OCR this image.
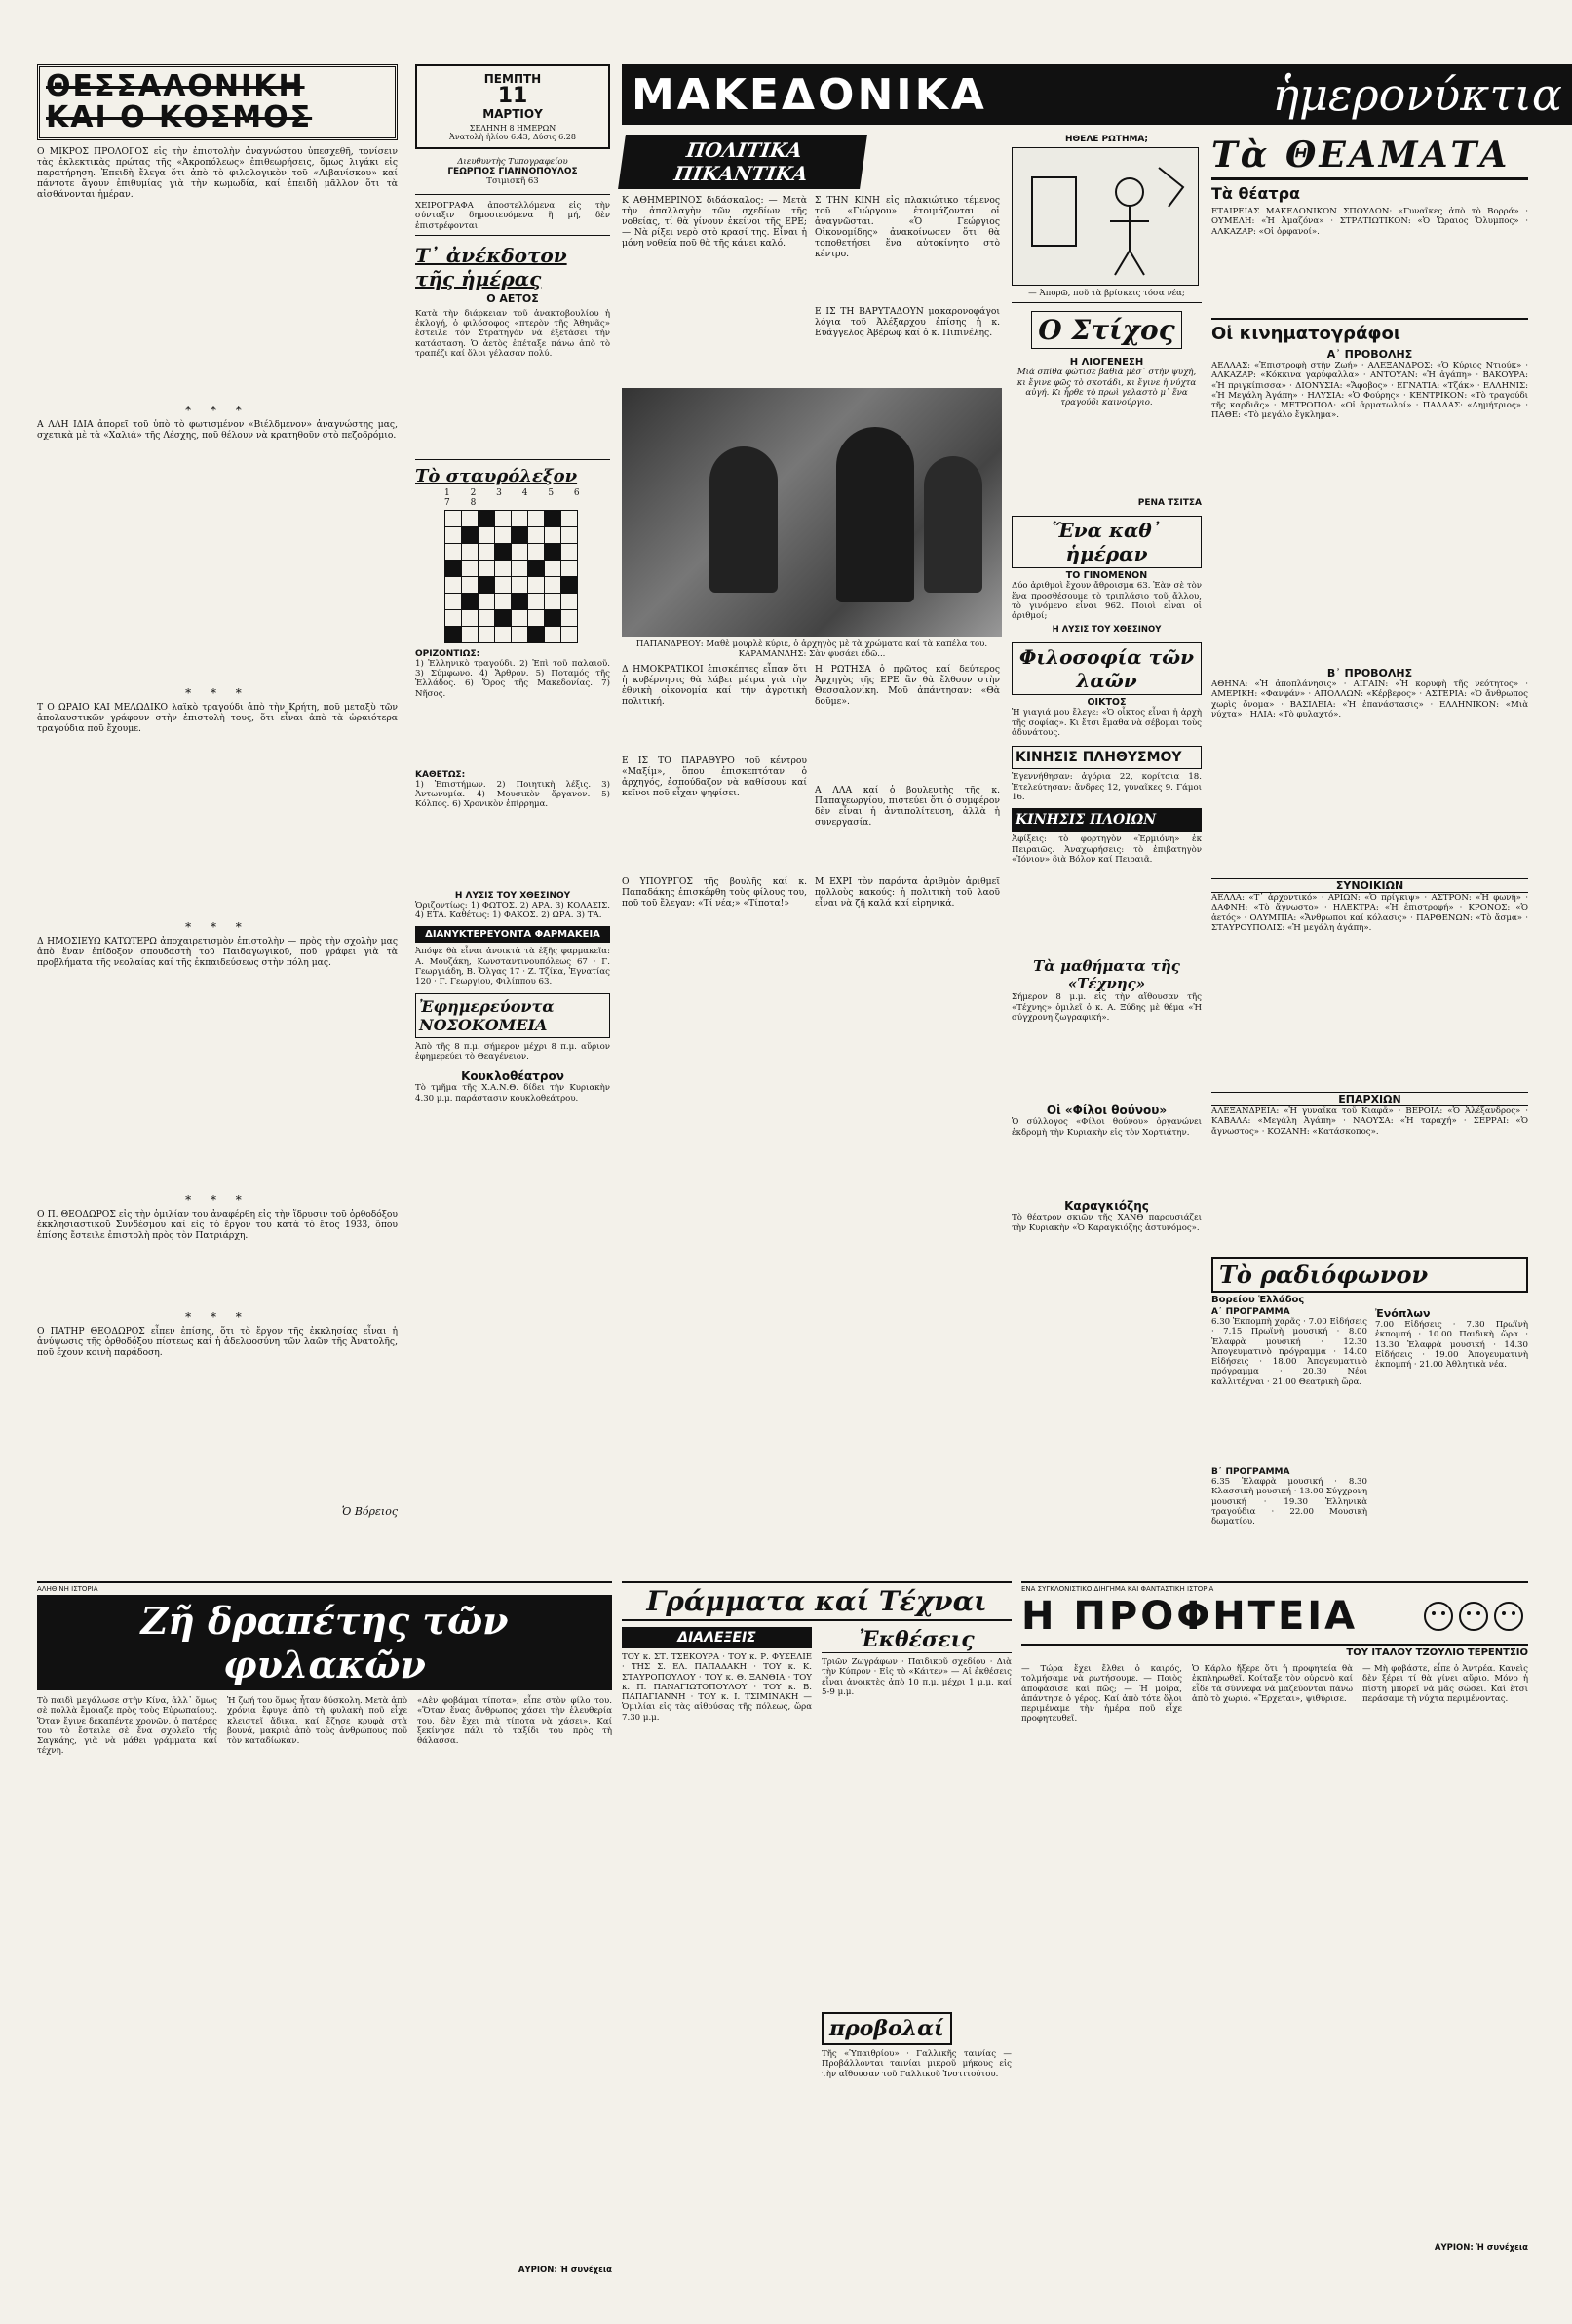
ΘΕΣΣΑΛΟΝΙΚΗ
ΚΑΙ Ο ΚΟΣΜΟΣ

Ο ΜΙΚΡΟΣ ΠΡΟΛΟΓΟΣ εἰς τὴν ἐπιστολὴν ἀναγνώστου ὑπεσχεθῆ, τονίσειν τὰς ἐκλεκτικὰς πρώτας τῆς «Ἀκροπόλεως» ἐπιθεωρήσεις, ὅμως λιγάκι εἰς παρατήρηση. Ἐπειδὴ ἔλεγα ὅτι ἀπὸ τὸ φιλολογικὸν τοῦ «Λιβανίσκου» καί πάντοτε ἄγουν ἐπιθυμίας γιὰ τὴν κωμωδία, καί ἐπειδὴ μᾶλλον ὅτι τὰ αἰσθάνονται ἡμέραν.

* * *

Α ΛΛΗ ΙΔΙΑ ἀπορεῖ τοῦ ὑπὸ τὸ φωτισμένον «Βιέλδμενον» ἀναγνώστης μας, σχετικὰ μὲ τὰ «Χαλιά» τῆς Λέσχης, ποῦ θέλουν νὰ κρατηθοῦν στὸ πεζοδρόμιο.

* * *

Τ Ο ΩΡΑΙΟ ΚΑΙ ΜΕΛΩΔΙΚΟ λαϊκὸ τραγούδι ἀπὸ τὴν Κρήτη, ποῦ μεταξὺ τῶν ἀπολαυστικῶν γράφουν στὴν ἐπιστολὴ τους, ὅτι εἶναι ἀπὸ τὰ ὡραιότερα τραγούδια ποῦ ἔχουμε.

* * *

Δ ΗΜΟΣΙΕΥΩ ΚΑΤΩΤΕΡΩ ἀποχαιρετισμὸν ἐπιστολὴν — πρὸς τὴν σχολὴν μας ἀπὸ ἕναν ἐπίδοξον σπουδαστὴ τοῦ Παιδαγωγικοῦ, ποῦ γράφει γιὰ τὰ προβλήματα τῆς νεολαίας καί τῆς ἐκπαιδεύσεως στὴν πόλη μας.

* * *

Ο Π. ΘΕΟΔΩΡΟΣ εἰς τὴν ὁμιλίαν του ἀναφέρθη εἰς τὴν ἵδρυσιν τοῦ ὀρθοδόξου ἐκκλησιαστικοῦ Συνδέσμου καί εἰς τὸ ἔργον του κατὰ τὸ ἔτος 1933, ὅπου ἐπίσης ἔστειλε ἐπιστολὴ πρὸς τὸν Πατριάρχη.

* * *

Ο ΠΑΤΗΡ ΘΕΟΔΩΡΟΣ εἶπεν ἐπίσης, ὅτι τὸ ἔργον τῆς ἐκκλησίας εἶναι ἡ ἀνύψωσις τῆς ὀρθοδόξου πίστεως καί ἡ ἀδελφοσύνη τῶν λαῶν τῆς Ἀνατολῆς, ποῦ ἔχουν κοινὴ παράδοση.

Ὁ Βόρειος
ΠΕΜΠΤΗ
11
ΜΑΡΤΙΟΥ
ΣΕΛΗΝΗ 8 ΗΜΕΡΩΝ
Ἀνατολὴ ἡλίου 6.43, Δύσις 6.28
Διευθυντὴς Τυπογραφείου
ΓΕΩΡΓΙΟΣ ΓΙΑΝΝΟΠΟΥΛΟΣ
Τσιμισκῆ 63

ΧΕΙΡΟΓΡΑΦΑ ἀποστελλόμενα εἰς τὴν σύνταξιν δημοσιευόμενα ἢ μή, δὲν ἐπιστρέφονται.

Τ᾽ ἀνέκδοτον τῆς ἡμέρας
Ο ΑΕΤΟΣ

Κατὰ τὴν διάρκειαν τοῦ ἀνακτοβουλίου ἡ ἐκλογή, ὁ φιλόσοφος «πτερὸν τῆς Ἀθηνᾶς» ἔστειλε τὸν Στρατηγὸν νὰ ἐξετάσει τὴν κατάσταση. Ὁ ἀετὸς ἐπέταξε πάνω ἀπὸ τὸ τραπέζι καί ὅλοι γέλασαν πολύ.

Τὸ σταυρόλεξον
1 2 3 4 5 6 7 8

ΟΡΙΖΟΝΤΙΩΣ:

1) Ἑλληνικὸ τραγούδι. 2) Ἐπὶ τοῦ παλαιοῦ. 3) Σύμφωνο. 4) Ἄρθρον. 5) Ποταμός τῆς Ἑλλάδος. 6) Ὄρος τῆς Μακεδονίας. 7) Νῆσος.

ΚΑΘΕΤΩΣ:

1) Ἐπιστήμων. 2) Ποιητικὴ λέξις. 3) Ἀντωνυμία. 4) Μουσικὸν ὄργανον. 5) Κόλπος. 6) Χρονικὸν ἐπίρρημα.

Η ΛΥΣΙΣ ΤΟΥ ΧΘΕΣΙΝΟΥ

Ὁριζοντίως: 1) ΦΩΤΟΣ. 2) ΑΡΑ. 3) ΚΟΛΑΣΙΣ. 4) ΕΤΑ. Καθέτως: 1) ΦΑΚΟΣ. 2) ΩΡΑ. 3) ΤΑ.

ΔΙΑΝΥΚΤΕΡΕΥΟΝΤΑ ΦΑΡΜΑΚΕΙΑ

Ἀπόψε θὰ εἶναι ἀνοικτὰ τὰ ἑξῆς φαρμακεῖα: Α. Μουζάκη, Κωνσταντινουπόλεως 67 · Γ. Γεωργιάδη, Β. Ὄλγας 17 · Ζ. Τζίκα, Ἐγνατίας 120 · Γ. Γεωργίου, Φιλίππου 63.

Ἐφημερεύοντα ΝΟΣΟΚΟΜΕΙΑ

Ἀπὸ τῆς 8 π.μ. σήμερον μέχρι 8 π.μ. αὔριον ἐφημερεύει τὸ Θεαγένειον.

Κουκλοθέατρον

Τὸ τμῆμα τῆς Χ.Α.Ν.Θ. δίδει τὴν Κυριακὴν 4.30 μ.μ. παράστασιν κουκλοθεάτρου.

ΜΑΚΕΔΟΝΙΚΑ	ἡμερονύκτια
ΠΟΛΙΤΙΚΑ ΠΙΚΑΝΤΙΚΑ

Κ ΑΘΗΜΕΡΙΝΟΣ διδάσκαλος: — Μετὰ τὴν ἀπαλλαγὴν τῶν σχεδίων τῆς νοθείας, τί θὰ γίνουν ἐκείνοι τῆς ΕΡΕ; — Νὰ ρίξει νερὸ στὸ κρασί της. Εἶναι ἡ μόνη νοθεία ποῦ θὰ τῆς κάνει καλό.

Σ ΤΗΝ ΚΙΝΗ εἰς πλακιώτικο τέμενος τοῦ «Γιώργου» ἐτοιμάζονται οἱ ἀναγνῶσται. «Ὁ Γεώργιος Οἰκονομίδης» ἀνακοίνωσεν ὅτι θὰ τοποθετήσει ἕνα αὐτοκίνητο στὸ κέντρο.

Ε ΙΣ ΤΗ ΒΑΡΥΤΑΔΟΥΝ μακαρονοφάγοι λόγια τοῦ Ἀλέξαρχου ἐπίσης ἡ κ. Εὐάγγελος Ἀβέρωφ καί ὁ κ. Πιπινέλης.

ΠΑΠΑΝΔΡΕΟΥ: Μαθὲ μουρλὲ κύριε, ὁ ἀρχηγὸς μὲ τὰ χρώματα καί τὰ καπέλα του. ΚΑΡΑΜΑΝΛΗΣ: Σὰν φυσάει ἐδῶ...

Δ ΗΜΟΚΡΑΤΙΚΟΙ ἐπισκέπτες εἶπαν ὅτι ἡ κυβέρνησις θὰ λάβει μέτρα γιὰ τὴν ἐθνικὴ οἰκονομία καί τὴν ἀγροτικὴ πολιτική.

Ε ΙΣ ΤΟ ΠΑΡΑΘΥΡΟ τοῦ κέντρου «Μαξίμ», ὅπου ἐπισκεπτόταν ὁ ἀρχηγός, ἐσπούδαζον νὰ καθίσουν καί κεῖνοι ποῦ εἶχαν ψηφίσει.

Ο ΥΠΟΥΡΓΟΣ τῆς βουλῆς καί κ. Παπαδάκης ἐπισκέφθη τοὺς φίλους του, ποῦ τοῦ ἔλεγαν: «Τί νέα;» «Τίποτα!»

Η ΡΩΤΗΣΑ ὁ πρῶτος καί δεύτερος Ἀρχηγὸς τῆς ΕΡΕ ἂν θὰ ἔλθουν στὴν Θεσσαλονίκη. Μοῦ ἀπάντησαν: «Θὰ δοῦμε».

Α ΛΛΑ καί ὁ βουλευτὴς τῆς κ. Παπαγεωργίου, πιστεύει ὅτι ὁ συμφέρον δὲν εἶναι ἡ ἀντιπολίτευση, ἀλλὰ ἡ συνεργασία.

Μ ΕΧΡΙ τὸν παρόντα ἀριθμὸν ἀριθμεῖ πολλοὺς κακούς: ἡ πολιτικὴ τοῦ λαοῦ εἶναι νὰ ζῆ καλά καί εἰρηνικά.

ΗΘΕΛΕ ΡΩΤΗΜΑ;

— Ἀπορῶ, ποῦ τὰ βρίσκεις τόσα νέα;

Ο Στίχος
Η ΛΙΟΓΕΝΕΣΗ

Μιὰ σπίθα φώτισε βαθιὰ μέσ᾽ στὴν ψυχή, κι ἔγινε φῶς τὸ σκοτάδι, κι ἔγινε ἡ νύχτα αὐγή. Κι ἦρθε τὸ πρωὶ γελαστὸ μ᾽ ἕνα τραγούδι καινούργιο.

ΡΕΝΑ ΤΣΙΤΣΑ
Ἕνα καθ᾽ ἡμέραν
ΤΟ ΓΙΝΟΜΕΝΟΝ

Δύο ἀριθμοὶ ἔχουν ἄθροισμα 63. Ἐὰν σὲ τὸν ἕνα προσθέσουμε τὸ τριπλάσιο τοῦ ἄλλου, τὸ γινόμενο εἶναι 962. Ποιοὶ εἶναι οἱ ἀριθμοί;

Η ΛΥΣΙΣ ΤΟΥ ΧΘΕΣΙΝΟΥ
Φιλοσοφία τῶν λαῶν
ΟΙΚΤΟΣ

Ἡ γιαγιά μου ἔλεγε: «Ὁ οἶκτος εἶναι ἡ ἀρχὴ τῆς σοφίας». Κι ἔτσι ἔμαθα νὰ σέβομαι τοὺς ἀδυνάτους.

ΚΙΝΗΣΙΣ ΠΛΗΘΥΣΜΟΥ

Ἐγεννήθησαν: ἀγόρια 22, κορίτσια 18. Ἐτελεύτησαν: ἄνδρες 12, γυναῖκες 9. Γάμοι 16.

ΚΙΝΗΣΙΣ ΠΛΟΙΩΝ

Ἀφίξεις: τὸ φορτηγὸν «Ἑρμιόνη» ἐκ Πειραιῶς. Ἀναχωρήσεις: τὸ ἐπιβατηγὸν «Ἰόνιον» διὰ Βόλον καί Πειραιᾶ.

Τὰ μαθήματα τῆς «Τέχνης»

Σήμερον 8 μ.μ. εἰς τὴν αἴθουσαν τῆς «Τέχνης» ὁμιλεῖ ὁ κ. Α. Ξύδης μὲ θέμα «Ἡ σύγχρονη ζωγραφική».

Οἱ «Φίλοι θούνου»

Ὁ σύλλογος «Φίλοι θούνου» ὀργανώνει ἐκδρομὴ τὴν Κυριακὴν εἰς τὸν Χορτιάτην.

Καραγκιόζης

Τὸ θέατρον σκιῶν τῆς ΧΑΝΘ παρουσιάζει τὴν Κυριακὴν «Ὁ Καραγκιόζης ἀστυνόμος».

Τὰ ΘΕΑΜΑΤΑ
Τὰ θέατρα

ΕΤΑΙΡΕΙΑΣ ΜΑΚΕΔΟΝΙΚΩΝ ΣΠΟΥΔΩΝ: «Γυναῖκες ἀπὸ τὸ Βορρά» · ΟΥΜΕΛΗ: «Ἡ Ἀμαζόνα» · ΣΤΡΑΤΙΩΤΙΚΟΝ: «Ὁ Ὥραιος Ὄλυμπος» · ΑΛΚΑΖΑΡ: «Οἱ ὀρφανοί».

Οἱ κινηματογράφοι
Α᾽ ΠΡΟΒΟΛΗΣ

ΑΕΛΛΑΣ: «Ἐπιστροφὴ στὴν Ζωή» · ΑΛΕΞΑΝΔΡΟΣ: «Ὁ Κύριος Ντιούκ» · ΑΛΚΑΖΑΡ: «Κόκκινα γαρύφαλλα» · ΑΝΤΟΥΑΝ: «Ἡ ἀγάπη» · ΒΑΚΟΥΡΑ: «Ἡ πριγκίπισσα» · ΔΙΟΝΥΣΙΑ: «Ἄφοβος» · ΕΓΝΑΤΙΑ: «Τζάκ» · ΕΛΛΗΝΙΣ: «Ἡ Μεγάλη Ἀγάπη» · ΗΛΥΣΙΑ: «Ὁ Φούρης» · ΚΕΝΤΡΙΚΟΝ: «Τὸ τραγούδι τῆς καρδιᾶς» · ΜΕΤΡΟΠΟΛ: «Οἱ ἀρματωλοί» · ΠΑΛΛΑΣ: «Δημήτριος» · ΠΑΘΕ: «Τὸ μεγάλο ἔγκλημα».

Β᾽ ΠΡΟΒΟΛΗΣ

ΑΘΗΝΑ: «Ἡ ἀποπλάνησις» · ΑΙΓΑΙΝ: «Ἡ κορυφὴ τῆς νεότητος» · ΑΜΕΡΙΚΗ: «Φανφάν» · ΑΠΟΛΛΩΝ: «Κέρβερος» · ΑΣΤΕΡΙΑ: «Ὁ ἄνθρωπος χωρὶς ὄνομα» · ΒΑΣΙΛΕΙΑ: «Ἡ ἐπανάστασις» · ΕΛΛΗΝΙΚΟΝ: «Μιὰ νύχτα» · ΗΛΙΑ: «Τὸ φυλαχτό».

ΣΥΝΟΙΚΙΩΝ

ΑΕΛΛΑ: «Τ᾽ ἀρχοντικό» · ΑΡΙΩΝ: «Ὁ πρίγκιψ» · ΑΣΤΡΟΝ: «Ἡ φωνή» · ΔΑΦΝΗ: «Τὸ ἄγνωστο» · ΗΛΕΚΤΡΑ: «Ἡ ἐπιστροφή» · ΚΡΟΝΟΣ: «Ὁ ἀετός» · ΟΛΥΜΠΙΑ: «Ἄνθρωποι καί κόλασις» · ΠΑΡΘΕΝΩΝ: «Τὸ ἄσμα» · ΣΤΑΥΡΟΥΠΟΛΙΣ: «Ἡ μεγάλη ἀγάπη».

ΕΠΑΡΧΙΩΝ

ΑΛΕΞΑΝΔΡΕΙΑ: «Ἡ γυναῖκα τοῦ Κιαφᾶ» · ΒΕΡΟΙΑ: «Ὁ Ἀλέξανδρος» · ΚΑΒΑΛΑ: «Μεγάλη Ἀγάπη» · ΝΑΟΥΣΑ: «Ἡ ταραχή» · ΣΕΡΡΑΙ: «Ὁ ἄγνωστος» · ΚΟΖΑΝΗ: «Κατάσκοπος».

Τὸ ραδιόφωνον
Βορείου Ἑλλάδος
Α᾽ ΠΡΟΓΡΑΜΜΑ

6.30 Ἐκπομπὴ χαρᾶς · 7.00 Εἰδήσεις · 7.15 Πρωϊνὴ μουσική · 8.00 Ἐλαφρὰ μουσική · 12.30 Ἀπογευματινὸ πρόγραμμα · 14.00 Εἰδήσεις · 18.00 Ἀπογευματινὸ πρόγραμμα · 20.30 Νέοι καλλιτέχναι · 21.00 Θεατρικὴ ὥρα.

Β᾽ ΠΡΟΓΡΑΜΜΑ

6.35 Ἐλαφρὰ μουσική · 8.30 Κλασσικὴ μουσική · 13.00 Σύγχρονη μουσική · 19.30 Ἑλληνικὰ τραγούδια · 22.00 Μουσικὴ δωματίου.

Ἐνόπλων

7.00 Εἰδήσεις · 7.30 Πρωϊνὴ ἐκπομπή · 10.00 Παιδικὴ ὥρα · 13.30 Ἐλαφρὰ μουσική · 14.30 Εἰδήσεις · 19.00 Ἀπογευματινὴ ἐκπομπή · 21.00 Ἀθλητικὰ νέα.

ΑΛΗΘΙΝΗ ΙΣΤΟΡΙΑ
Ζῆ δραπέτης τῶν φυλακῶν

Τὸ παιδὶ μεγάλωσε στὴν Κίνα, ἀλλ᾽ ὅμως σὲ πολλὰ ἔμοιαζε πρὸς τοὺς Εὐρωπαίους. Ὅταν ἔγινε δεκαπέντε χρονῶν, ὁ πατέρας του τὸ ἔστειλε σὲ ἕνα σχολεῖο τῆς Σαγκάης, γιὰ νὰ μάθει γράμματα καί τέχνη.

Ἡ ζωή του ὅμως ἦταν δύσκολη. Μετὰ ἀπὸ χρόνια ἔφυγε ἀπὸ τὴ φυλακὴ ποῦ εἶχε κλειστεῖ ἄδικα, καί ἔζησε κρυφὰ στὰ βουνά, μακριὰ ἀπὸ τοὺς ἀνθρώπους ποῦ τὸν καταδίωκαν.

«Δὲν φοβάμαι τίποτα», εἶπε στὸν φίλο του. «Ὅταν ἕνας ἄνθρωπος χάσει τὴν ἐλευθερία του, δὲν ἔχει πιὰ τίποτα νὰ χάσει». Καί ξεκίνησε πάλι τὸ ταξίδι του πρὸς τὴ θάλασσα.

ΑΥΡΙΟΝ: Ἡ συνέχεια
Γράμματα καί Τέχναι
ΔΙΑΛΕΞΕΙΣ

ΤΟΥ κ. ΣΤ. ΤΣΕΚΟΥΡΑ · ΤΟΥ κ. Ρ. ΦΥΣΕΛΙΕ · ΤΗΣ Σ. ΕΛ. ΠΑΠΑΔΑΚΗ · ΤΟΥ κ. Κ. ΣΤΑΥΡΟΠΟΥΛΟΥ · ΤΟΥ κ. Θ. ΞΑΝΘΙΑ · ΤΟΥ κ. Π. ΠΑΝΑΓΙΩΤΟΠΟΥΛΟΥ · ΤΟΥ κ. Β. ΠΑΠΑΓΙΑΝΝΗ · ΤΟΥ κ. Ι. ΤΣΙΜΙΝΑΚΗ — Ὁμιλίαι εἰς τὰς αἰθούσας τῆς πόλεως, ὥρα 7.30 μ.μ.

Ἐκθέσεις

Τριῶν Ζωγράφων · Παιδικοῦ σχεδίου · Διὰ τὴν Κύπρον · Εἰς τὸ «Κάιτεν» — Αἱ ἐκθέσεις εἶναι ἀνοικτὲς ἀπὸ 10 π.μ. μέχρι 1 μ.μ. καί 5-9 μ.μ.

προβολαί

Τῆς «Ὑπαιθρίου» · Γαλλικῆς ταινίας — Προβάλλονται ταινίαι μικροῦ μήκους εἰς τὴν αἴθουσαν τοῦ Γαλλικοῦ Ἰνστιτούτου.

ΕΝΑ ΣΥΓΚΛΟΝΙΣΤΙΚΟ ΔΙΗΓΗΜΑ ΚΑΙ ΦΑΝΤΑΣΤΙΚΗ ΙΣΤΟΡΙΑ
Η ΠΡΟΦΗΤΕΙΑ
ΤΟΥ ΙΤΑΛΟΥ ΤΖΟΥΛΙΟ ΤΕΡΕΝΤΣΙΟ

— Τώρα ἔχει ἔλθει ὁ καιρός, τολμήσαμε νὰ ρωτήσουμε. — Ποιὸς ἀποφάσισε καί πῶς; — Ἡ μοίρα, ἀπάντησε ὁ γέρος. Καί ἀπὸ τότε ὅλοι περιμέναμε τὴν ἡμέρα ποῦ εἶχε προφητευθεῖ.

Ὁ Κάρλο ἤξερε ὅτι ἡ προφητεία θὰ ἐκπληρωθεῖ. Κοίταξε τὸν οὐρανὸ καί εἶδε τὰ σύννεφα νὰ μαζεύονται πάνω ἀπὸ τὸ χωριό. «Ἔρχεται», ψιθύρισε.

— Μὴ φοβάστε, εἶπε ὁ Ἀντρέα. Κανεὶς δὲν ξέρει τί θὰ γίνει αὔριο. Μόνο ἡ πίστη μπορεῖ νὰ μᾶς σώσει. Καί ἔτσι περάσαμε τὴ νύχτα περιμένοντας.

ΑΥΡΙΟΝ: Ἡ συνέχεια
